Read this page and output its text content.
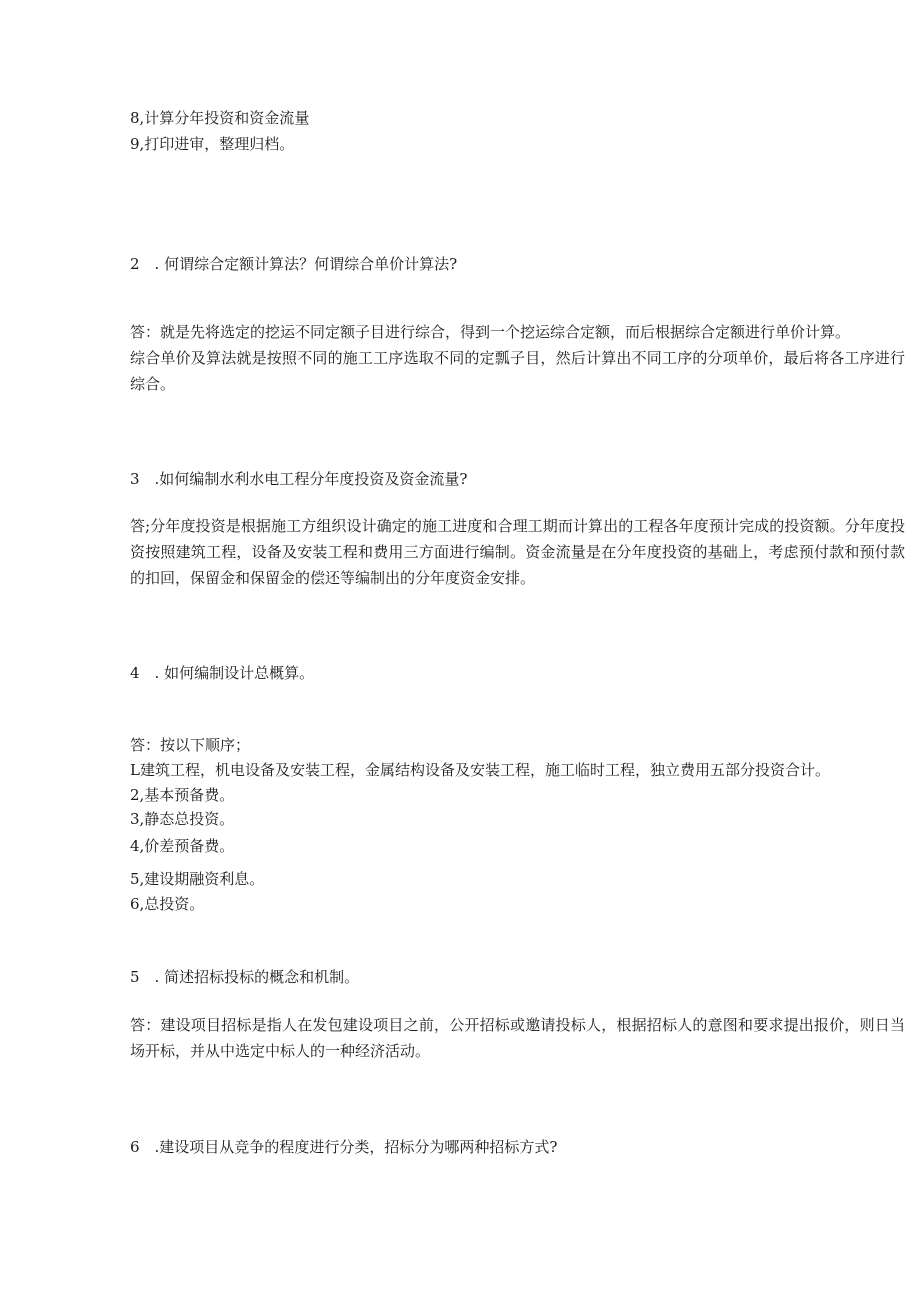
8,计算分年投资和资金流量
9,打印进审，整理归档。
2　. 何谓综合定额计算法？何谓综合单价计算法?
答：就是先将选定的挖运不同定额子目进行综合，得到一个挖运综合定额，而后根据综合定额进行单价计算。
综合单价及算法就是按照不同的施工工序选取不同的定瓢子目，然后计算出不同工序的分项单价，最后将各工序进行综合。
3　.如何编制水利水电工程分年度投资及资金流量?
答;分年度投资是根据施工方组织设计确定的施工进度和合理工期而计算出的工程各年度预计完成的投资额。分年度投资按照建筑工程，设备及安装工程和费用三方面进行编制。资金流量是在分年度投资的基础上，考虑预付款和预付款的扣回，保留金和保留金的偿还等编制出的分年度资金安排。
4　. 如何编制设计总概算。
答：按以下顺序；
L建筑工程，机电设备及安装工程，金属结构设备及安装工程，施工临时工程，独立费用五部分投资合计。
2,基本预备费。
3,静态总投资。
4,价差预备费。
5,建设期融资利息。
6,总投资。
5　. 简述招标投标的概念和机制。
答：建设项目招标是指人在发包建设项目之前，公开招标或邀请投标人，根据招标人的意图和要求提出报价，则日当场开标，并从中选定中标人的一种经济活动。
6　.建设项目从竞争的程度进行分类，招标分为哪两种招标方式?
